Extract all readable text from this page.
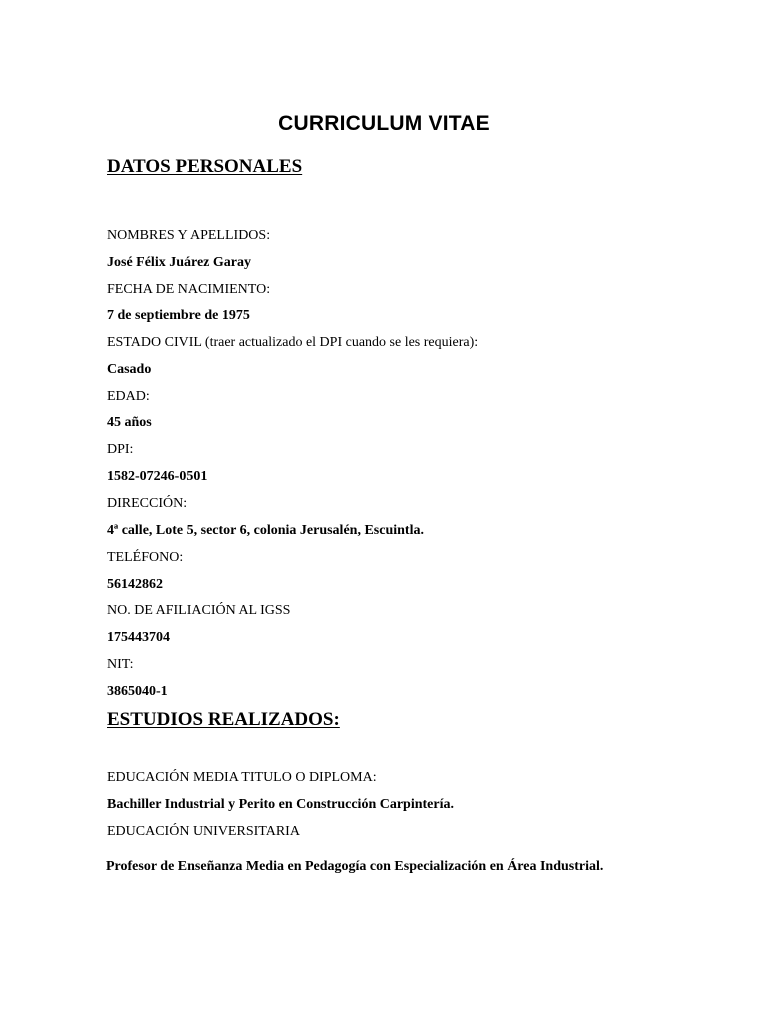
CURRICULUM VITAE
DATOS PERSONALES

NOMBRES Y APELLIDOS:

José Félix Juárez Garay

FECHA DE NACIMIENTO:

7 de septiembre de 1975

ESTADO CIVIL (traer actualizado el DPI cuando se les requiera):

Casado

EDAD:

45 años

DPI:

1582-07246-0501

DIRECCIÓN:

4ª calle, Lote 5, sector 6, colonia Jerusalén, Escuintla.

TELÉFONO:

56142862

NO. DE AFILIACIÓN AL IGSS

175443704

NIT:

3865040-1

ESTUDIOS REALIZADOS:

EDUCACIÓN MEDIA TITULO O DIPLOMA:

Bachiller Industrial y Perito en Construcción Carpintería.

EDUCACIÓN UNIVERSITARIA

Profesor de Enseñanza Media en Pedagogía con Especialización en Área Industrial.
